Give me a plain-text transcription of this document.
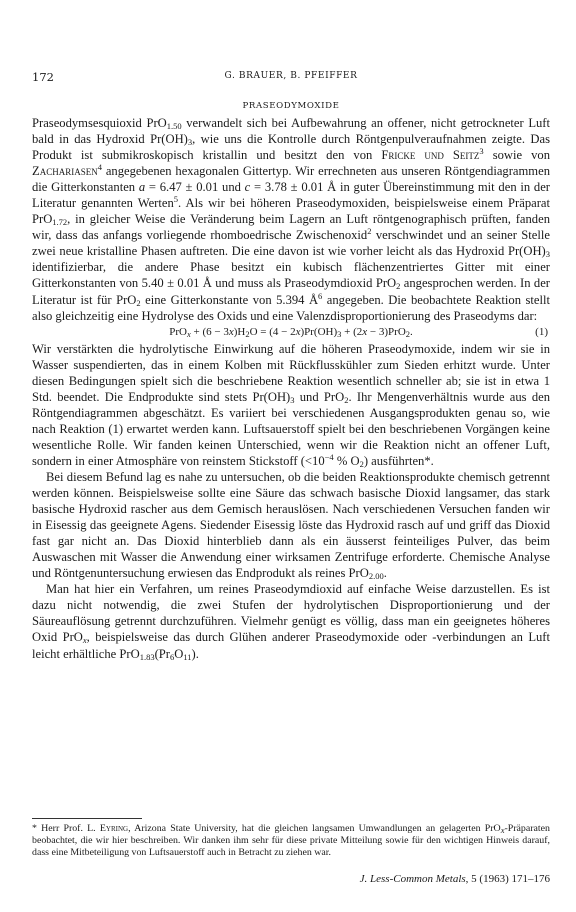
172	G. BRAUER, B. PFEIFFER
PRASEODYMOXIDE

Praseodymsesquioxid PrO$_{1.50}$ verwandelt sich bei Aufbewahrung an offener, nicht getrockneter Luft bald in das Hydroxid $Pr(OH)_3$, wie uns die Kontrolle durch Röntgenpulveraufnahmen zeigte. Das Produkt ist submikroskopisch kristallin und besitzt den von Fricke und Seitz$^3$ sowie von Zachariasen$^4$ angegebenen hexagonalen Gittertyp. Wir errechneten aus unseren Röntgendiagrammen die Gitterkonstanten a = 6.47 ± 0.01 und c = 3.78 ± 0.01 Å in guter Übereinstimmung mit den in der Literatur genannten Werten$^5$. Als wir bei höheren Praseodymoxiden, beispielsweise einem Präparat PrO$_{1.72}$, in gleicher Weise die Veränderung beim Lagern an Luft röntgenographisch prüften, fanden wir, dass das anfangs vorliegende rhomboedrische Zwischenoxid$^2$ verschwindet und an seiner Stelle zwei neue kristalline Phasen auftreten. Die eine davon ist wie vorher leicht als das Hydroxid $Pr(OH)_3$ identifizierbar, die andere Phase besitzt ein kubisch flächenzentriertes Gitter mit einer Gitterkonstanten von 5.40 ± 0.01 Å und muss als Praseodymdioxid PrO$_2$ angesprochen werden. In der Literatur ist für PrO$_2$ eine Gitterkonstante von 5.394 $Å^6$ angegeben. Die beobachtete Reaktion stellt also gleichzeitig eine Hydrolyse des Oxids und eine Valenzdisproportionierung des Praseodyms dar:

$PrO_x + (6 - 3x)H_2O = (4 - 2x)Pr(OH)_3 + (2x - 3)PrO_2$.	(1)

Wir verstärkten die hydrolytische Einwirkung auf die höheren Praseodymoxide, indem wir sie in Wasser suspendierten, das in einem Kolben mit Rückflusskühler zum Sieden erhitzt wurde. Unter diesen Bedingungen spielt sich die beschriebene Reaktion wesentlich schneller ab; sie ist in etwa 1 Std. beendet. Die Endprodukte sind stets $Pr(OH)_3$ und PrO$_2$. Ihr Mengenverhältnis wurde aus den Röntgendiagrammen abgeschätzt. Es variiert bei verschiedenen Ausgangsprodukten genau so, wie nach Reaktion (1) erwartet werden kann. Luftsauerstoff spielt bei den beschriebenen Vorgängen keine wesentliche Rolle. Wir fanden keinen Unterschied, wenn wir die Reaktion nicht an offener Luft, sondern in einer Atmosphäre von reinstem Stickstoff ($<10^{-4}$ % $O_2$) ausführten*.

Bei diesem Befund lag es nahe zu untersuchen, ob die beiden Reaktionsprodukte chemisch getrennt werden können. Beispielsweise sollte eine Säure das schwach basische Dioxid langsamer, das stark basische Hydroxid rascher aus dem Gemisch herauslösen. Nach verschiedenen Versuchen fanden wir in Eisessig das geeignete Agens. Siedender Eisessig löste das Hydroxid rasch auf und griff das Dioxid fast gar nicht an. Das Dioxid hinterblieb dann als ein äusserst feinteiliges Pulver, das beim Auswaschen mit Wasser die Anwendung einer wirksamen Zentrifuge erforderte. Chemische Analyse und Röntgenuntersuchung erwiesen das Endprodukt als reines PrO$_{2.00}$.

Man hat hier ein Verfahren, um reines Praseodymdioxid auf einfache Weise darzustellen. Es ist dazu nicht notwendig, die zwei Stufen der hydrolytischen Disproportionierung und der Säureauflösung getrennt durchzuführen. Vielmehr genügt es völlig, dass man ein geeignetes höheres Oxid PrO$_x$, beispielsweise das durch Glühen anderer Praseodymoxide oder -verbindungen an Luft leicht erhältliche $PrO_{1.83}(Pr_6O_{11})$.

* Herr Prof. L. Eyring, Arizona State University, hat die gleichen langsamen Umwandlungen an gelagerten PrO$_x$-Präparaten beobachtet, die wir hier beschreiben. Wir danken ihm sehr für diese private Mitteilung sowie für den wichtigen Hinweis darauf, dass eine Mitbeteiligung von Luftsauerstoff auch in Betracht zu ziehen war.
J. Less-Common Metals, 5 (1963) 171–176
